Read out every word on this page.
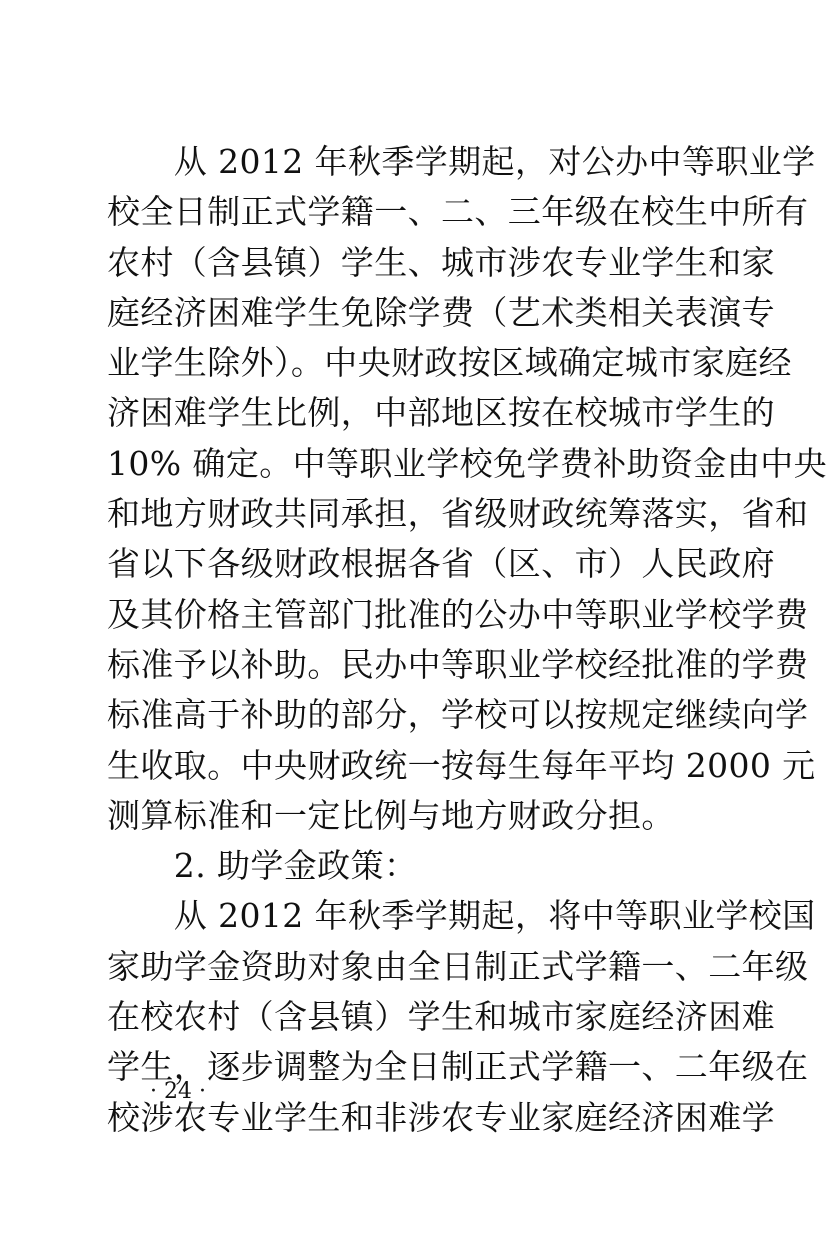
　　从 2012 年秋季学期起，对公办中等职业学
校全日制正式学籍一、二、三年级在校生中所有
农村（含县镇）学生、城市涉农专业学生和家
庭经济困难学生免除学费（艺术类相关表演专
业学生除外）。中央财政按区域确定城市家庭经
济困难学生比例，中部地区按在校城市学生的
10% 确定。中等职业学校免学费补助资金由中央
和地方财政共同承担，省级财政统筹落实，省和
省以下各级财政根据各省（区、市）人民政府
及其价格主管部门批准的公办中等职业学校学费
标准予以补助。民办中等职业学校经批准的学费
标准高于补助的部分，学校可以按规定继续向学
生收取。中央财政统一按每生每年平均 2000 元
测算标准和一定比例与地方财政分担。
　　2. 助学金政策：
　　从 2012 年秋季学期起，将中等职业学校国
家助学金资助对象由全日制正式学籍一、二年级
在校农村（含县镇）学生和城市家庭经济困难
学生，逐步调整为全日制正式学籍一、二年级在
校涉农专业学生和非涉农专业家庭经济困难学
· 24 ·
